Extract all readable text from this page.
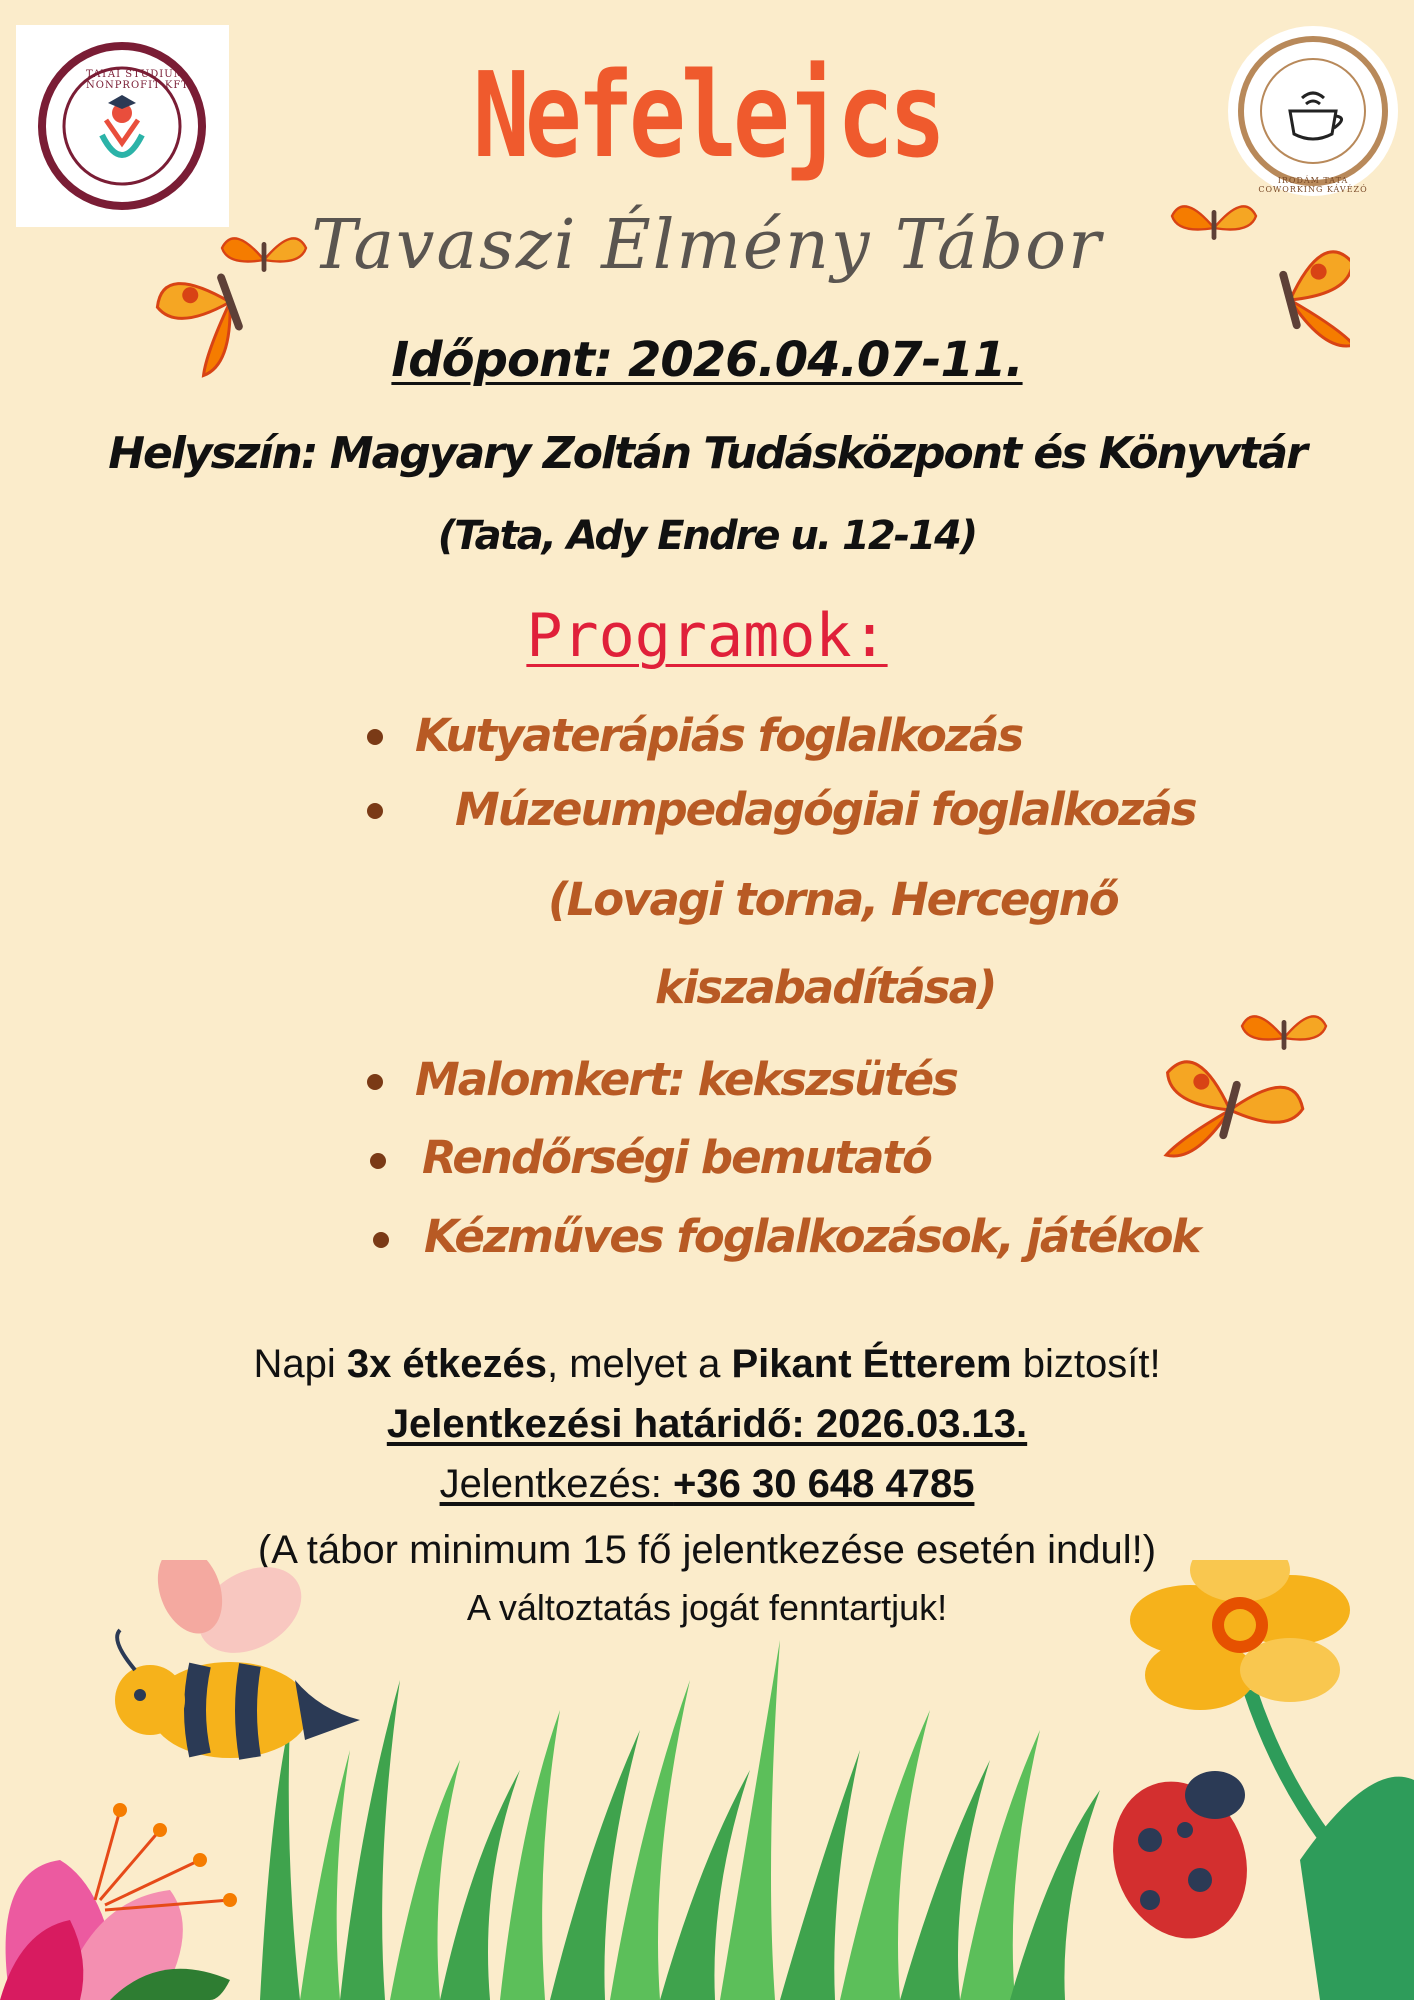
TATAI STUDIUM NONPROFIT KFT.
IRODÁM TATA COWORKING KÁVÉZÓ
Nefelejcs
Tavaszi Élmény Tábor
Időpont: 2026.04.07-11.
Helyszín: Magyary Zoltán Tudásközpont és Könyvtár
(Tata, Ady Endre u. 12-14)
Programok:
Kutyaterápiás foglalkozás
Múzeumpedagógiai foglalkozás
(Lovagi torna, Hercegnő
kiszabadítása)
Malomkert: kekszsütés
Rendőrségi bemutató
Kézműves foglalkozások, játékok
Napi 3x étkezés, melyet a Pikant Étterem biztosít!
Jelentkezési határidő: 2026.03.13.
Jelentkezés: +36 30 648 4785
(A tábor minimum 15 fő jelentkezése esetén indul!)
A változtatás jogát fenntartjuk!
